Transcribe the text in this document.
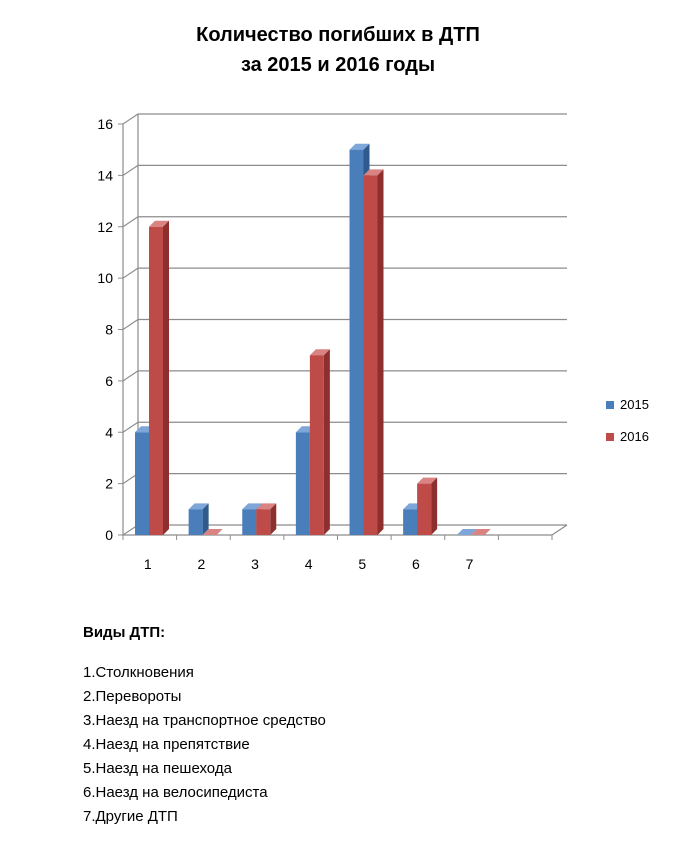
Количество погибших в ДТП
за 2015 и 2016 годы
0
2
4
6
8
10
12
14
16
1	2	3	4	5	6	7
2015
2016
Виды ДТП:
1.Столкновения
2.Перевороты
3.Наезд на транспортное средство
4.Наезд на препятствие
5.Наезд на пешехода
6.Наезд на велосипедиста
7.Другие ДТП
